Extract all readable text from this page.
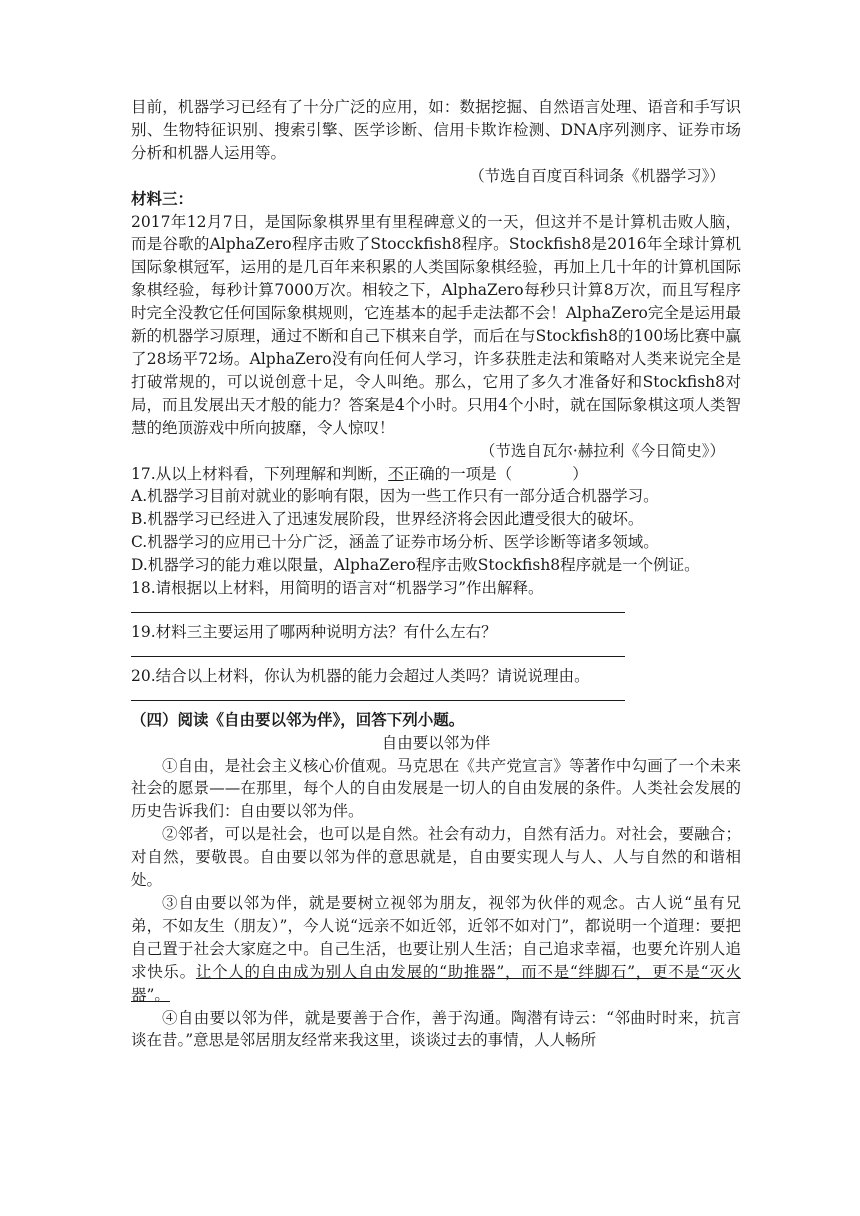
目前，机器学习已经有了十分广泛的应用，如：数据挖掘、自然语言处理、语音和手写识别、生物特征识别、搜索引擎、医学诊断、信用卡欺诈检测、DNA序列测序、证券市场分析和机器人运用等。

（节选自百度百科词条《机器学习》）

材料三：

2017年12月7日，是国际象棋界里有里程碑意义的一天，但这并不是计算机击败人脑，而是谷歌的AlphaZero程序击败了Stocckfish8程序。Stockfish8是2016年全球计算机国际象棋冠军，运用的是几百年来积累的人类国际象棋经验，再加上几十年的计算机国际象棋经验，每秒计算7000万次。相较之下，AlphaZero每秒只计算8万次，而且写程序时完全没教它任何国际象棋规则，它连基本的起手走法都不会！AlphaZero完全是运用最新的机器学习原理，通过不断和自己下棋来自学，而后在与Stockfish8的100场比赛中赢了28场平72场。AlphaZero没有向任何人学习，许多获胜走法和策略对人类来说完全是打破常规的，可以说创意十足，令人叫绝。那么，它用了多久才准备好和Stockfish8对局，而且发展出天才般的能力？答案是4个小时。只用4个小时，就在国际象棋这项人类智慧的绝顶游戏中所向披靡，令人惊叹！

（节选自瓦尔·赫拉利《今日简史》）

17.从以上材料看，下列理解和判断，不正确的一项是（	）

A.机器学习目前对就业的影响有限，因为一些工作只有一部分适合机器学习。

B.机器学习已经进入了迅速发展阶段，世界经济将会因此遭受很大的破坏。

C.机器学习的应用已十分广泛，涵盖了证券市场分析、医学诊断等诸多领域。

D.机器学习的能力难以限量，AlphaZero程序击败Stockfish8程序就是一个例证。

18.请根据以上材料，用简明的语言对“机器学习”作出解释。

19.材料三主要运用了哪两种说明方法？有什么左右？

20.结合以上材料，你认为机器的能力会超过人类吗？请说说理由。

（四）阅读《自由要以邻为伴》，回答下列小题。

自由要以邻为伴

①自由，是社会主义核心价值观。马克思在《共产党宣言》等著作中勾画了一个未来社会的愿景——在那里，每个人的自由发展是一切人的自由发展的条件。人类社会发展的历史告诉我们：自由要以邻为伴。

②邻者，可以是社会，也可以是自然。社会有动力，自然有活力。对社会，要融合；对自然，要敬畏。自由要以邻为伴的意思就是，自由要实现人与人、人与自然的和谐相处。

③自由要以邻为伴，就是要树立视邻为朋友，视邻为伙伴的观念。古人说“虽有兄弟，不如友生（朋友）”，今人说“远亲不如近邻，近邻不如对门”，都说明一个道理：要把自己置于社会大家庭之中。自己生活，也要让别人生活；自己追求幸福，也要允许别人追求快乐。让个人的自由成为别人自由发展的“助推器”，而不是“绊脚石”，更不是“灭火器”。

④自由要以邻为伴，就是要善于合作，善于沟通。陶潜有诗云：“邻曲时时来，抗言谈在昔。”意思是邻居朋友经常来我这里，谈谈过去的事情，人人畅所
